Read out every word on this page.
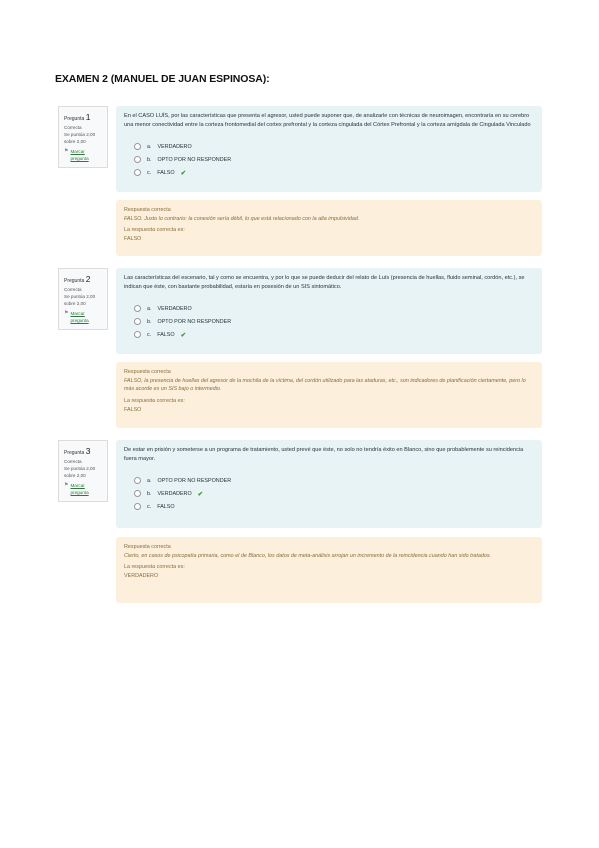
EXAMEN 2 (MANUEL DE JUAN ESPINOSA):
Pregunta 1
Correcta
Se puntúa 2,00
sobre 2,00
⚑ Marcar
pregunta
En el CASO LUÍS, por las características que presenta el agresor, usted puede suponer que, de analizarle con técnicas de neuroimagen, encontraría en su cerebro una menor conectividad entre la corteza frontomedial del cortex prefrontal y la corteza cingulada del Córtex Prefrontal y la corteza amígdala de Cingulada Vinculado
a. VERDADERO
b. OPTO POR NO RESPONDER
c. FALSO ✔
Respuesta correcta
FALSO. Justo lo contrario: la conexión sería débil, lo que está relacionado con la alta impulsividad.
La respuesta correcta es:
FALSO
Pregunta 2
Correcta
Se puntúa 2,00
sobre 2,00
⚑ Marcar
pregunta
Las características del escenario, tal y como se encuentra, y por lo que se puede deducir del relato de Luís (presencia de huellas, fluido seminal, cordón, etc.), se indican que éste, con bastante probabilidad, estaría en posesión de un SIS sintomático.
a. VERDADERO
b. OPTO POR NO RESPONDER
c. FALSO ✔
Respuesta correcta
FALSO, la presencia de huellas del agresor de la mochila de la víctima, del cordón utilizado para las ataduras, etc., son indicadores de planificación ciertamente, pero lo más acorde es un SIS bajo o intermedio.
La respuesta correcta es:
FALSO
Pregunta 3
Correcta
Se puntúa 2,00
sobre 2,00
⚑ Marcar
pregunta
De estar en prisión y someterse a un programa de tratamiento, usted prevé que éste, no solo no tendría éxito en Blanco, sino que probablemente su reincidencia fuera mayor.
a. OPTO POR NO RESPONDER
b. VERDADERO ✔
c. FALSO
Respuesta correcta
Cierto, en casos de psicopatía primaria, como el de Blanco, los datos de meta-análisis arrojan un incremento de la reincidencia cuando han sido tratados.
La respuesta correcta es:
VERDADERO
